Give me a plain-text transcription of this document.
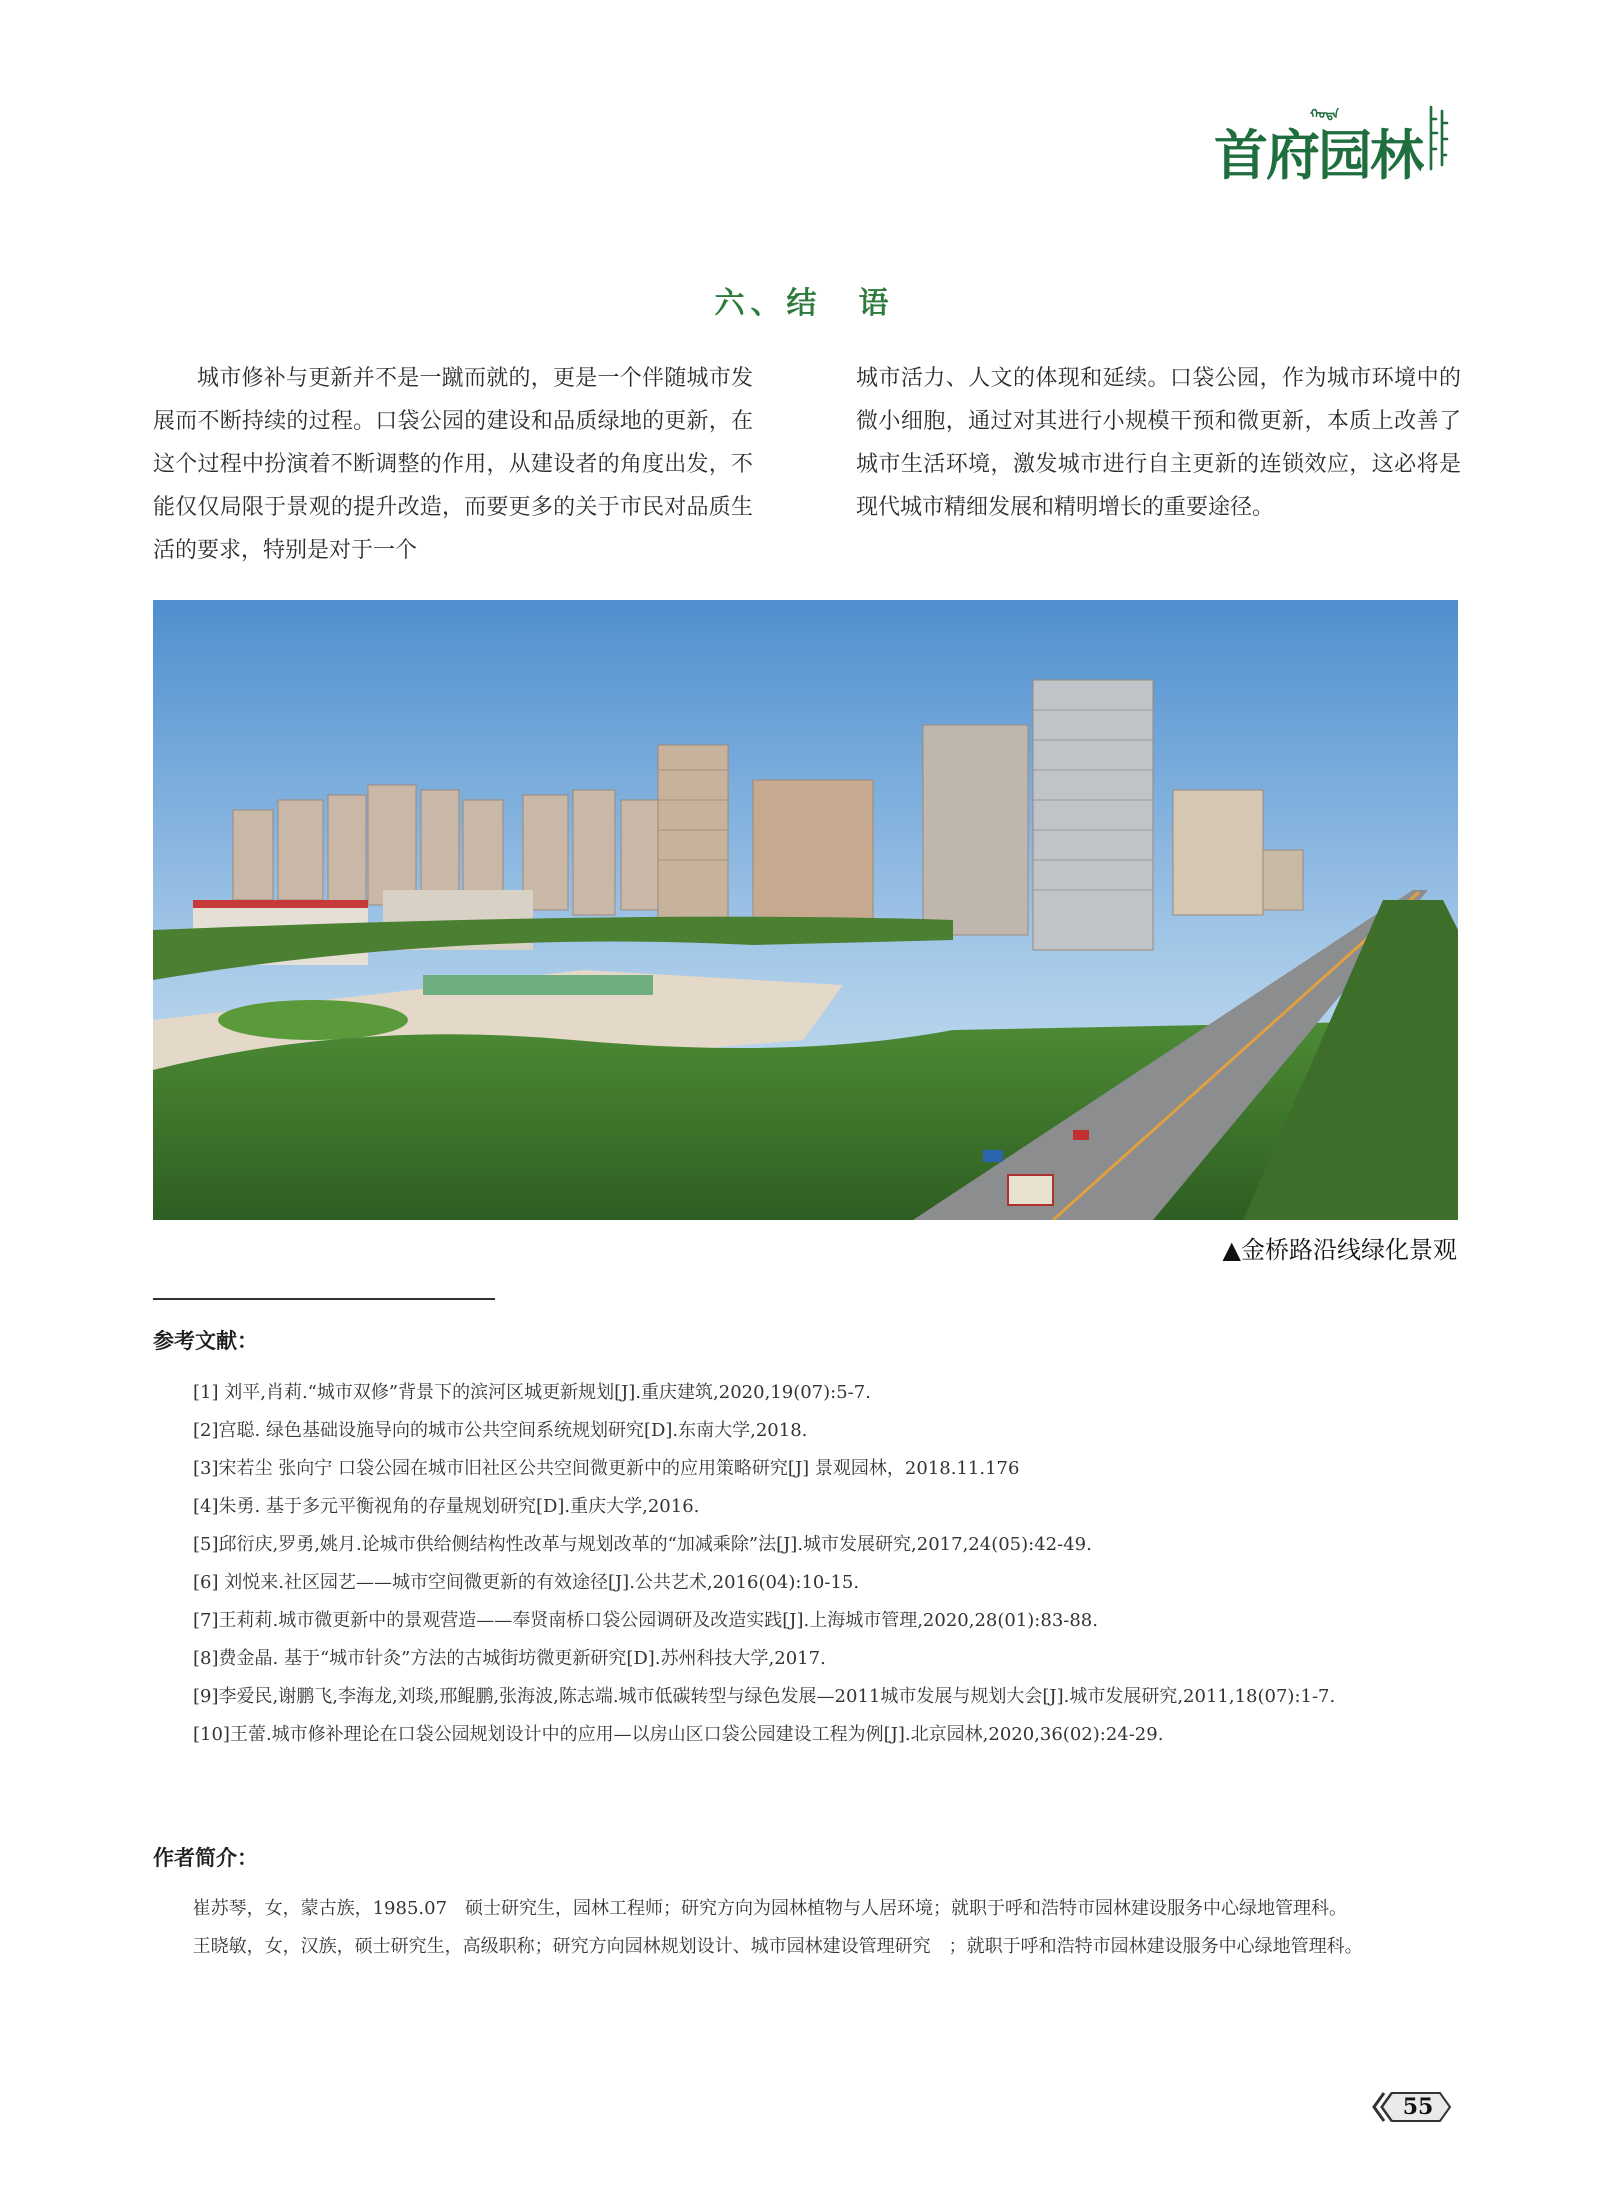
ᠬᠣᠲᠠ
首府园林
六、结　语
城市修补与更新并不是一蹴而就的，更是一个伴随城市发展而不断持续的过程。口袋公园的建设和品质绿地的更新，在这个过程中扮演着不断调整的作用，从建设者的角度出发，不能仅仅局限于景观的提升改造，而要更多的关于市民对品质生活的要求，特别是对于一个
城市活力、人文的体现和延续。口袋公园，作为城市环境中的微小细胞，通过对其进行小规模干预和微更新，本质上改善了城市生活环境，激发城市进行自主更新的连锁效应，这必将是现代城市精细发展和精明增长的重要途径。
▲金桥路沿线绿化景观
参考文献：
[1] 刘平,肖莉.“城市双修”背景下的滨河区城更新规划[J].重庆建筑,2020,19(07):5-7.
[2]宫聪. 绿色基础设施导向的城市公共空间系统规划研究[D].东南大学,2018.
[3]宋若尘 张向宁 口袋公园在城市旧社区公共空间微更新中的应用策略研究[J] 景观园林，2018.11.176
[4]朱勇. 基于多元平衡视角的存量规划研究[D].重庆大学,2016.
[5]邱衍庆,罗勇,姚月.论城市供给侧结构性改革与规划改革的“加减乘除”法[J].城市发展研究,2017,24(05):42-49.
[6] 刘悦来.社区园艺——城市空间微更新的有效途径[J].公共艺术,2016(04):10-15.
[7]王莉莉.城市微更新中的景观营造——奉贤南桥口袋公园调研及改造实践[J].上海城市管理,2020,28(01):83-88.
[8]费金晶. 基于“城市针灸”方法的古城街坊微更新研究[D].苏州科技大学,2017.
[9]李爱民,谢鹏飞,李海龙,刘琰,邢鲲鹏,张海波,陈志端.城市低碳转型与绿色发展—2011城市发展与规划大会[J].城市发展研究,2011,18(07):1-7.
[10]王蕾.城市修补理论在口袋公园规划设计中的应用—以房山区口袋公园建设工程为例[J].北京园林,2020,36(02):24-29.
作者简介：

崔苏琴，女，蒙古族，1985.07　硕士研究生，园林工程师；研究方向为园林植物与人居环境；就职于呼和浩特市园林建设服务中心绿地管理科。

王晓敏，女，汉族，硕士研究生，高级职称；研究方向园林规划设计、城市园林建设管理研究　；就职于呼和浩特市园林建设服务中心绿地管理科。

55
